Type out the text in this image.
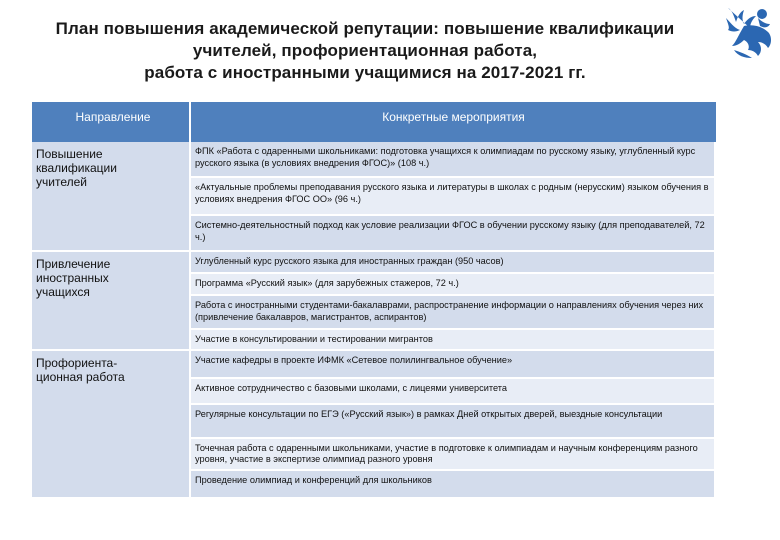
План повышения академической репутации: повышение квалификации
учителей, профориентационная работа,
работа с иностранными учащимися на 2017-2021 гг.
Направление	Конкретные мероприятия

Повышение
квалификации
учителей	ФПК «Работа с одаренными школьниками: подготовка учащихся к олимпиадам по русскому языку, углубленный курс русского языка (в условиях внедрения ФГОС)» (108 ч.)
	«Актуальные проблемы преподавания русского языка и литературы в школах с родным (нерусским) языком обучения в условиях внедрения ФГОС ОО» (96 ч.)
	Системно-деятельностный подход как условие реализации ФГОС в обучении русскому языку (для преподавателей, 72 ч.)

Привлечение
иностранных
учащихся	Углубленный курс русского языка для иностранных граждан (950 часов)
	Программа «Русский язык» (для зарубежных стажеров, 72 ч.)
	Работа с иностранными студентами-бакалаврами, распространение информации о направлениях обучения через них (привлечение бакалавров, магистрантов, аспирантов)
	Участие в консультировании и тестировании мигрантов

Профориента-
ционная работа	Участие кафедры в проекте ИФМК «Сетевое полилингвальное обучение»
	Активное сотрудничество с базовыми школами, с лицеями университета
	Регулярные консультации по ЕГЭ («Русский язык») в рамках Дней открытых дверей, выездные консультации
	Точечная работа с одаренными школьниками, участие в подготовке к олимпиадам и научным конференциям разного уровня, участие в экспертизе олимпиад разного уровня
	Проведение олимпиад и конференций для школьников
